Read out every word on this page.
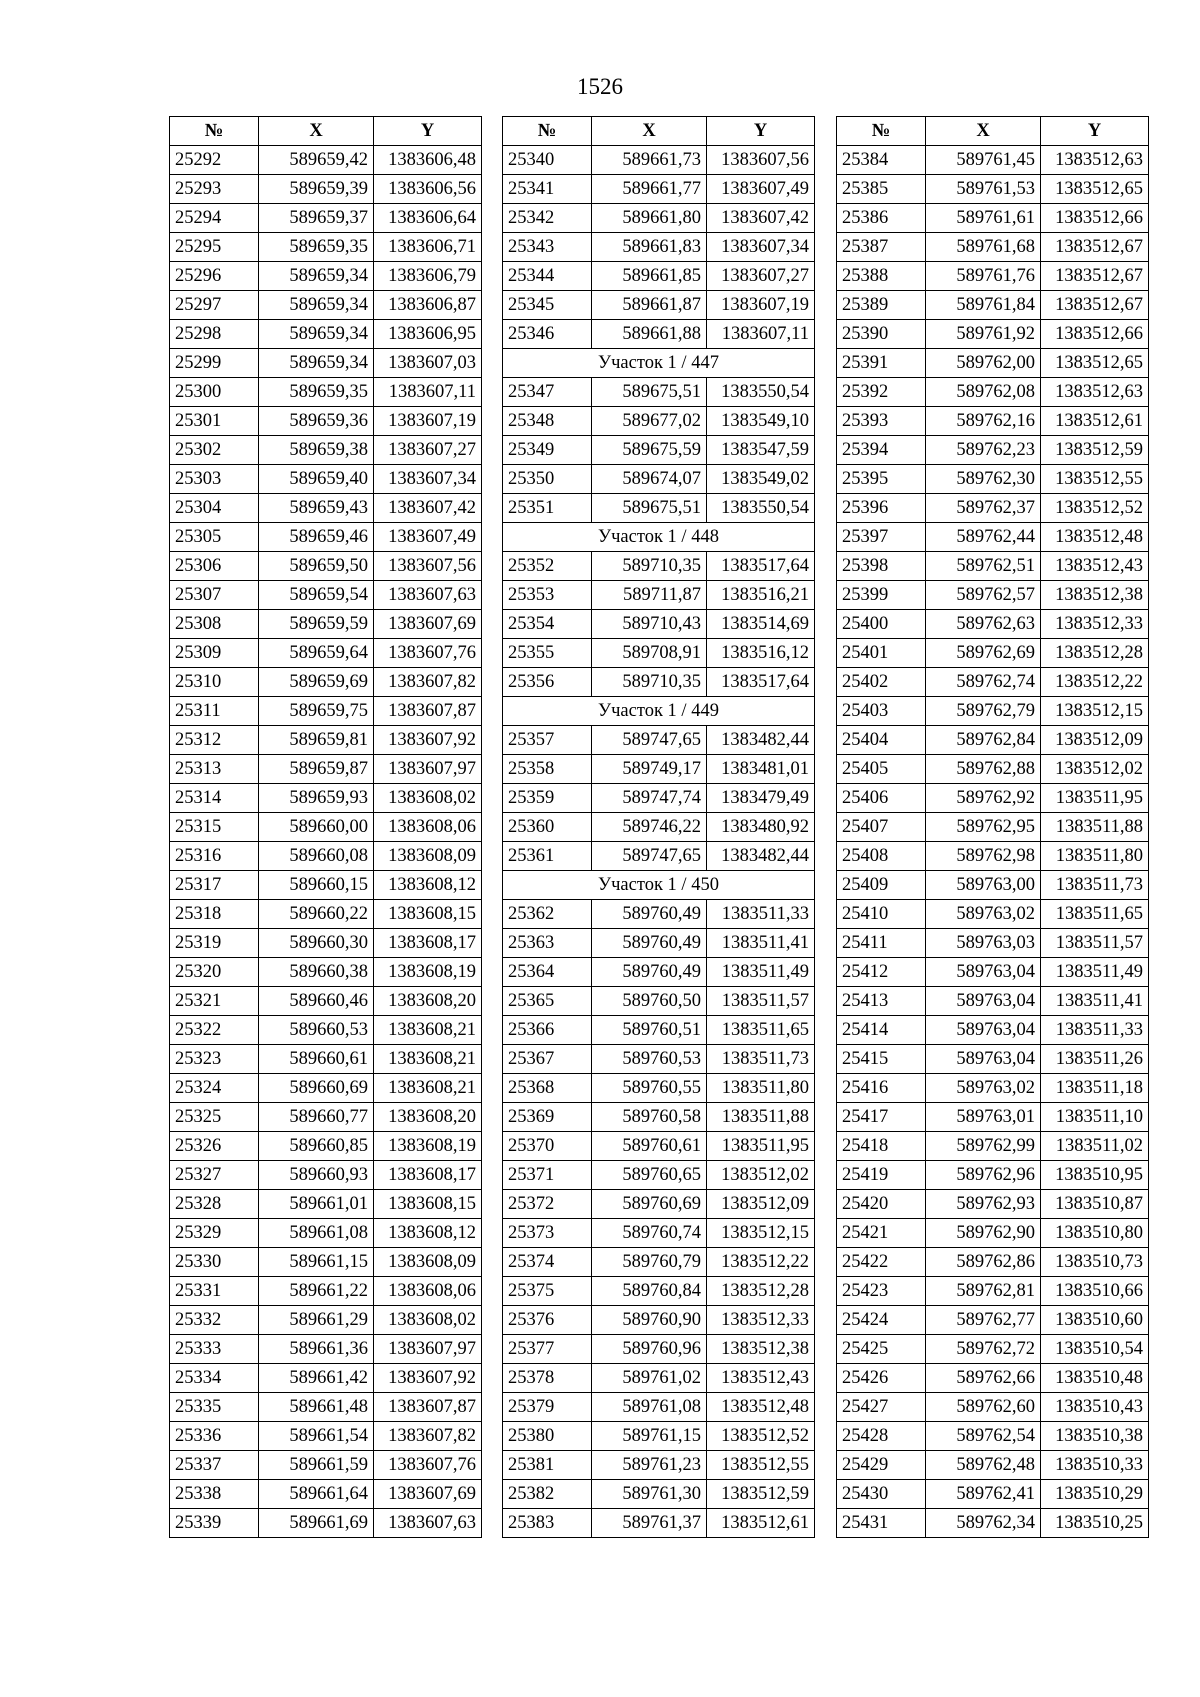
1526
№	X	Y
25292	589659,42	1383606,48
25293	589659,39	1383606,56
25294	589659,37	1383606,64
25295	589659,35	1383606,71
25296	589659,34	1383606,79
25297	589659,34	1383606,87
25298	589659,34	1383606,95
25299	589659,34	1383607,03
25300	589659,35	1383607,11
25301	589659,36	1383607,19
25302	589659,38	1383607,27
25303	589659,40	1383607,34
25304	589659,43	1383607,42
25305	589659,46	1383607,49
25306	589659,50	1383607,56
25307	589659,54	1383607,63
25308	589659,59	1383607,69
25309	589659,64	1383607,76
25310	589659,69	1383607,82
25311	589659,75	1383607,87
25312	589659,81	1383607,92
25313	589659,87	1383607,97
25314	589659,93	1383608,02
25315	589660,00	1383608,06
25316	589660,08	1383608,09
25317	589660,15	1383608,12
25318	589660,22	1383608,15
25319	589660,30	1383608,17
25320	589660,38	1383608,19
25321	589660,46	1383608,20
25322	589660,53	1383608,21
25323	589660,61	1383608,21
25324	589660,69	1383608,21
25325	589660,77	1383608,20
25326	589660,85	1383608,19
25327	589660,93	1383608,17
25328	589661,01	1383608,15
25329	589661,08	1383608,12
25330	589661,15	1383608,09
25331	589661,22	1383608,06
25332	589661,29	1383608,02
25333	589661,36	1383607,97
25334	589661,42	1383607,92
25335	589661,48	1383607,87
25336	589661,54	1383607,82
25337	589661,59	1383607,76
25338	589661,64	1383607,69
25339	589661,69	1383607,63
№	X	Y
25340	589661,73	1383607,56
25341	589661,77	1383607,49
25342	589661,80	1383607,42
25343	589661,83	1383607,34
25344	589661,85	1383607,27
25345	589661,87	1383607,19
25346	589661,88	1383607,11
Участок 1 / 447		
25347	589675,51	1383550,54
25348	589677,02	1383549,10
25349	589675,59	1383547,59
25350	589674,07	1383549,02
25351	589675,51	1383550,54
Участок 1 / 448		
25352	589710,35	1383517,64
25353	589711,87	1383516,21
25354	589710,43	1383514,69
25355	589708,91	1383516,12
25356	589710,35	1383517,64
Участок 1 / 449		
25357	589747,65	1383482,44
25358	589749,17	1383481,01
25359	589747,74	1383479,49
25360	589746,22	1383480,92
25361	589747,65	1383482,44
Участок 1 / 450		
25362	589760,49	1383511,33
25363	589760,49	1383511,41
25364	589760,49	1383511,49
25365	589760,50	1383511,57
25366	589760,51	1383511,65
25367	589760,53	1383511,73
25368	589760,55	1383511,80
25369	589760,58	1383511,88
25370	589760,61	1383511,95
25371	589760,65	1383512,02
25372	589760,69	1383512,09
25373	589760,74	1383512,15
25374	589760,79	1383512,22
25375	589760,84	1383512,28
25376	589760,90	1383512,33
25377	589760,96	1383512,38
25378	589761,02	1383512,43
25379	589761,08	1383512,48
25380	589761,15	1383512,52
25381	589761,23	1383512,55
25382	589761,30	1383512,59
25383	589761,37	1383512,61
№	X	Y
25384	589761,45	1383512,63
25385	589761,53	1383512,65
25386	589761,61	1383512,66
25387	589761,68	1383512,67
25388	589761,76	1383512,67
25389	589761,84	1383512,67
25390	589761,92	1383512,66
25391	589762,00	1383512,65
25392	589762,08	1383512,63
25393	589762,16	1383512,61
25394	589762,23	1383512,59
25395	589762,30	1383512,55
25396	589762,37	1383512,52
25397	589762,44	1383512,48
25398	589762,51	1383512,43
25399	589762,57	1383512,38
25400	589762,63	1383512,33
25401	589762,69	1383512,28
25402	589762,74	1383512,22
25403	589762,79	1383512,15
25404	589762,84	1383512,09
25405	589762,88	1383512,02
25406	589762,92	1383511,95
25407	589762,95	1383511,88
25408	589762,98	1383511,80
25409	589763,00	1383511,73
25410	589763,02	1383511,65
25411	589763,03	1383511,57
25412	589763,04	1383511,49
25413	589763,04	1383511,41
25414	589763,04	1383511,33
25415	589763,04	1383511,26
25416	589763,02	1383511,18
25417	589763,01	1383511,10
25418	589762,99	1383511,02
25419	589762,96	1383510,95
25420	589762,93	1383510,87
25421	589762,90	1383510,80
25422	589762,86	1383510,73
25423	589762,81	1383510,66
25424	589762,77	1383510,60
25425	589762,72	1383510,54
25426	589762,66	1383510,48
25427	589762,60	1383510,43
25428	589762,54	1383510,38
25429	589762,48	1383510,33
25430	589762,41	1383510,29
25431	589762,34	1383510,25
